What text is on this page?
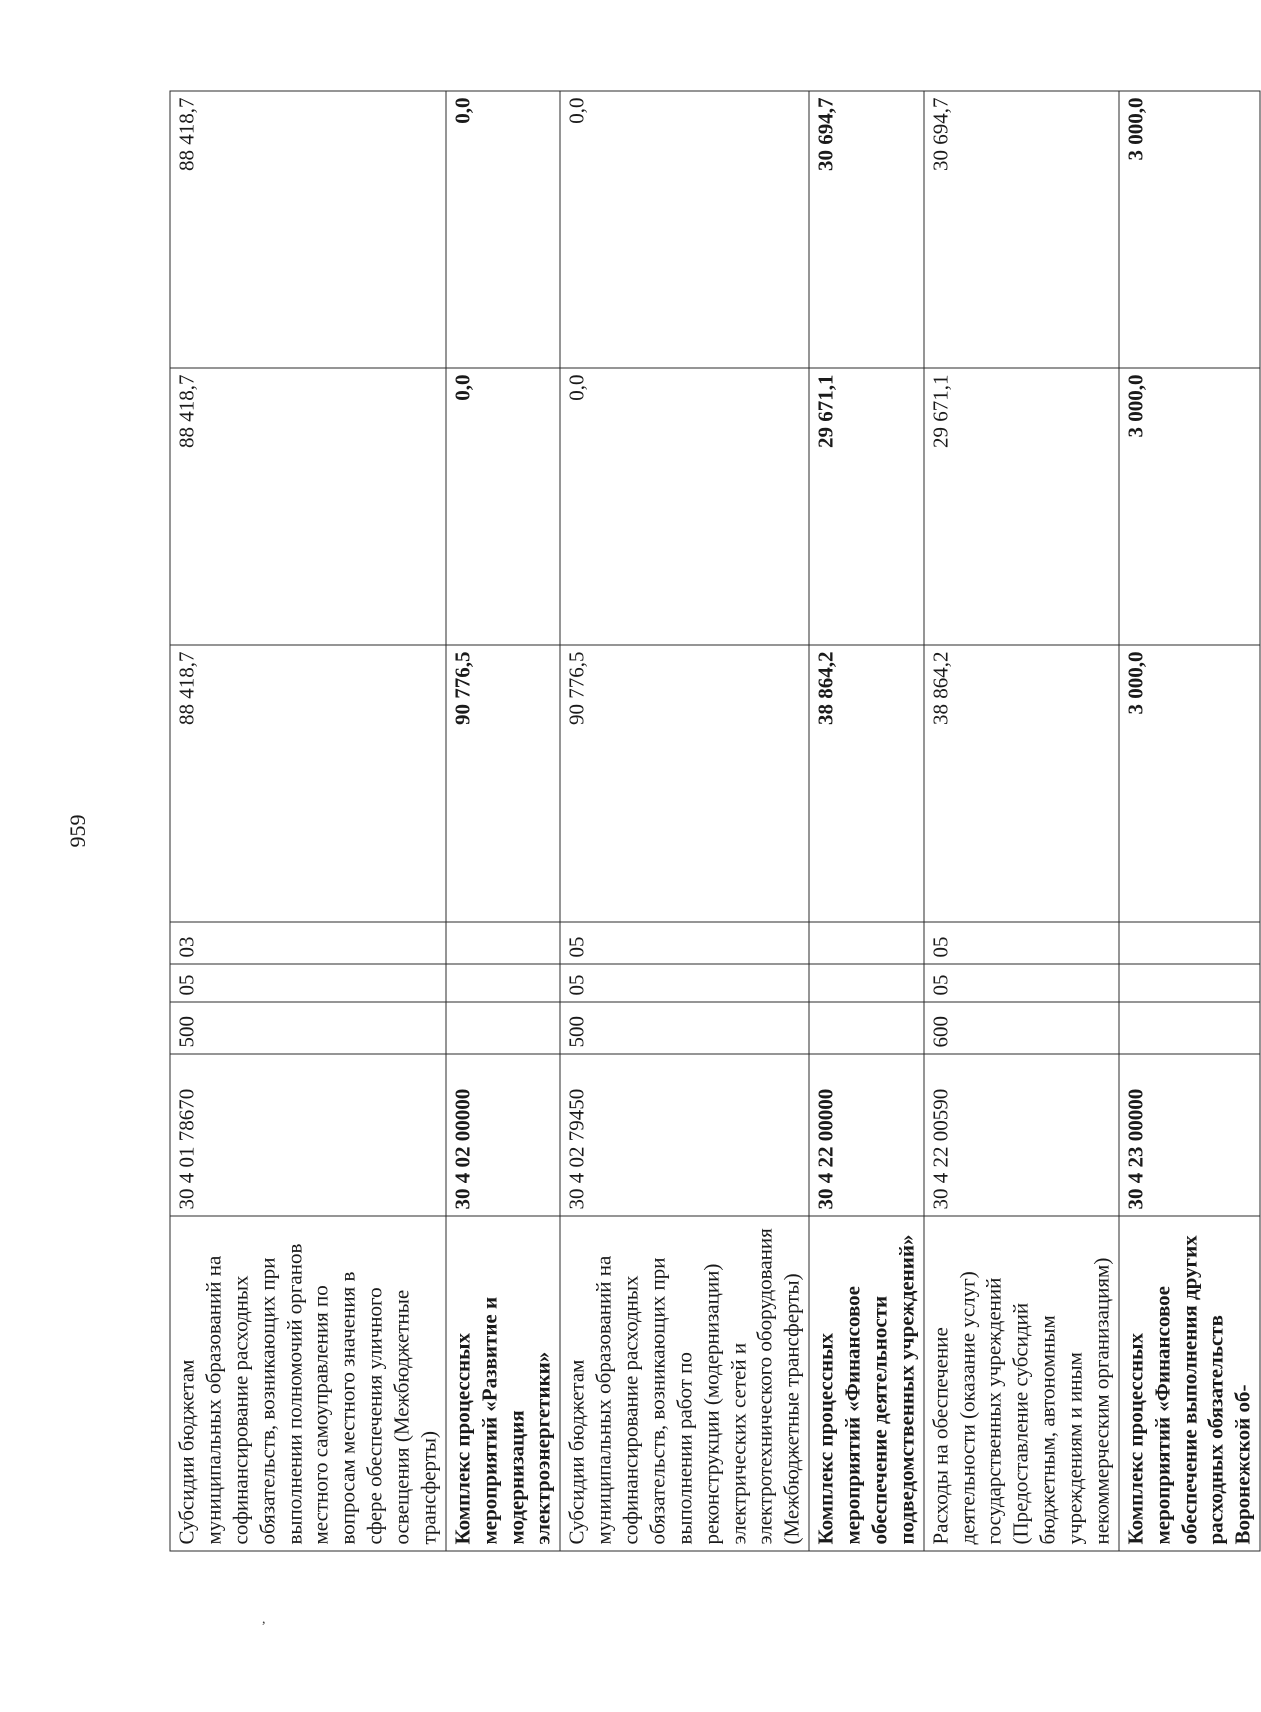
959
,
Субсидии бюджетам муниципальных образований на софинансирование расходных обязательств, возникающих при выполнении полномочий органов местного самоуправления по вопросам местного значения в сфере обеспечения уличного освещения (Межбюджетные трансферты)	30 4 01 78670	500	05	03	88 418,7	88 418,7	88 418,7
Комплекс процессных мероприятий «Развитие и модернизация электроэнергетики»	30 4 02 00000				90 776,5	0,0	0,0
Субсидии бюджетам муниципальных образований на софинансирование расходных обязательств, возникающих при выполнении работ по реконструкции (модернизации) электрических сетей и электротехнического оборудования (Межбюджетные трансферты)	30 4 02 79450	500	05	05	90 776,5	0,0	0,0
Комплекс процессных мероприятий «Финансовое обеспечение деятельности подведомственных учреждений»	30 4 22 00000				38 864,2	29 671,1	30 694,7
Расходы на обеспечение деятельности (оказание услуг) государственных учреждений (Предоставление субсидий бюджетным, автономным учреждениям и иным некоммерческим организациям)	30 4 22 00590	600	05	05	38 864,2	29 671,1	30 694,7
Комплекс процессных мероприятий «Финансовое обеспечение выполнения других расходных обязательств Воронежской об-	30 4 23 00000				3 000,0	3 000,0	3 000,0
